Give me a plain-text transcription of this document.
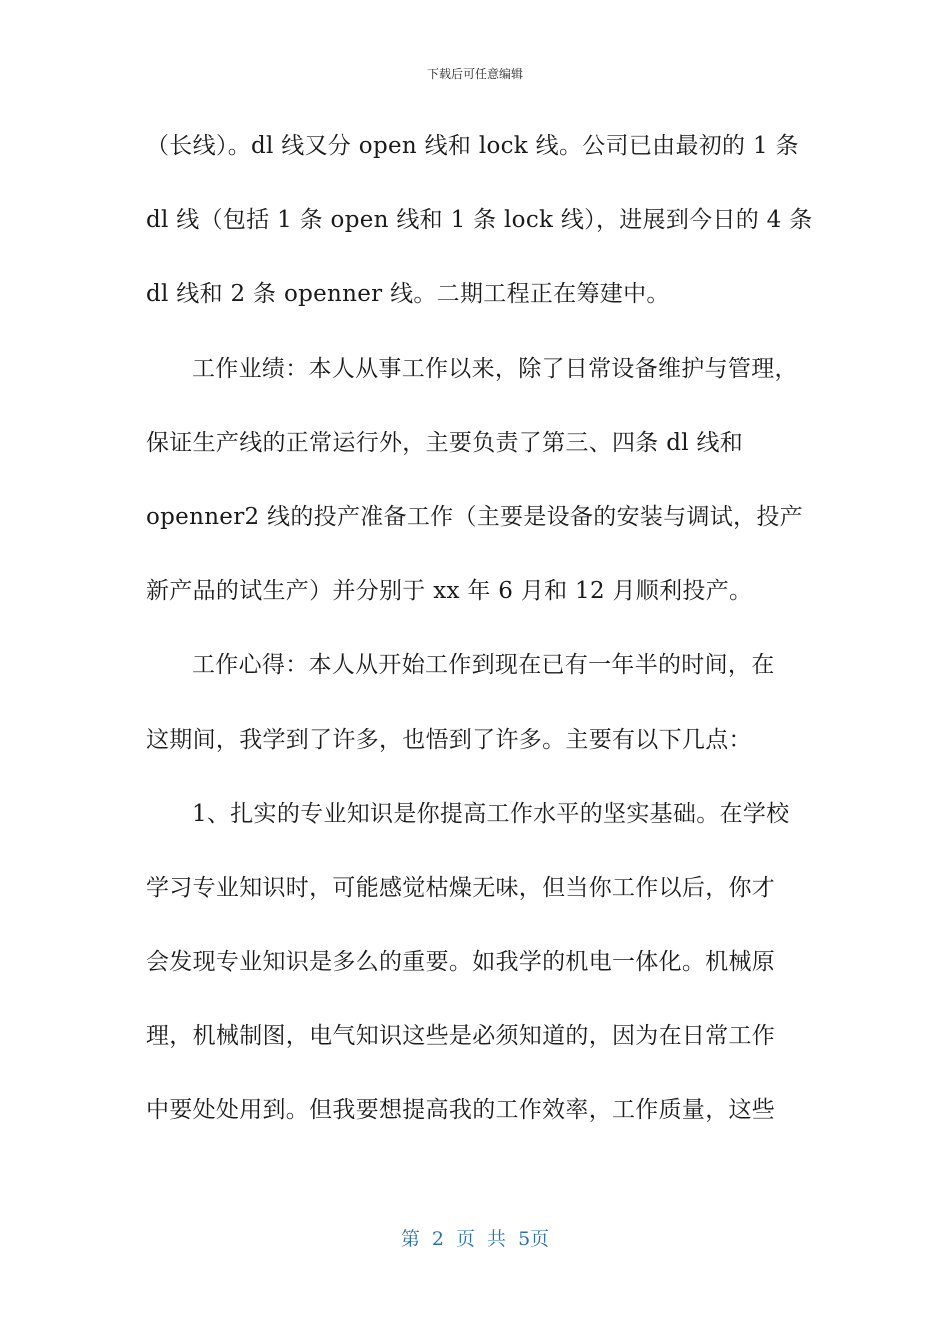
下载后可任意编辑
（长线）。dl 线又分 open 线和 lock 线。公司已由最初的 1 条
dl 线（包括 1 条 open 线和 1 条 lock 线），进展到今日的 4 条
dl 线和 2 条 openner 线。二期工程正在筹建中。
工作业绩：本人从事工作以来，除了日常设备维护与管理，
保证生产线的正常运行外，主要负责了第三、四条 dl 线和
openner2 线的投产准备工作（主要是设备的安装与调试，投产
新产品的试生产）并分别于 xx 年 6 月和 12 月顺利投产。
工作心得：本人从开始工作到现在已有一年半的时间，在
这期间，我学到了许多，也悟到了许多。主要有以下几点：
1、扎实的专业知识是你提高工作水平的坚实基础。在学校
学习专业知识时，可能感觉枯燥无味，但当你工作以后，你才
会发现专业知识是多么的重要。如我学的机电一体化。机械原
理，机械制图，电气知识这些是必须知道的，因为在日常工作
中要处处用到。但我要想提高我的工作效率，工作质量，这些
第 2 页 共 5页
